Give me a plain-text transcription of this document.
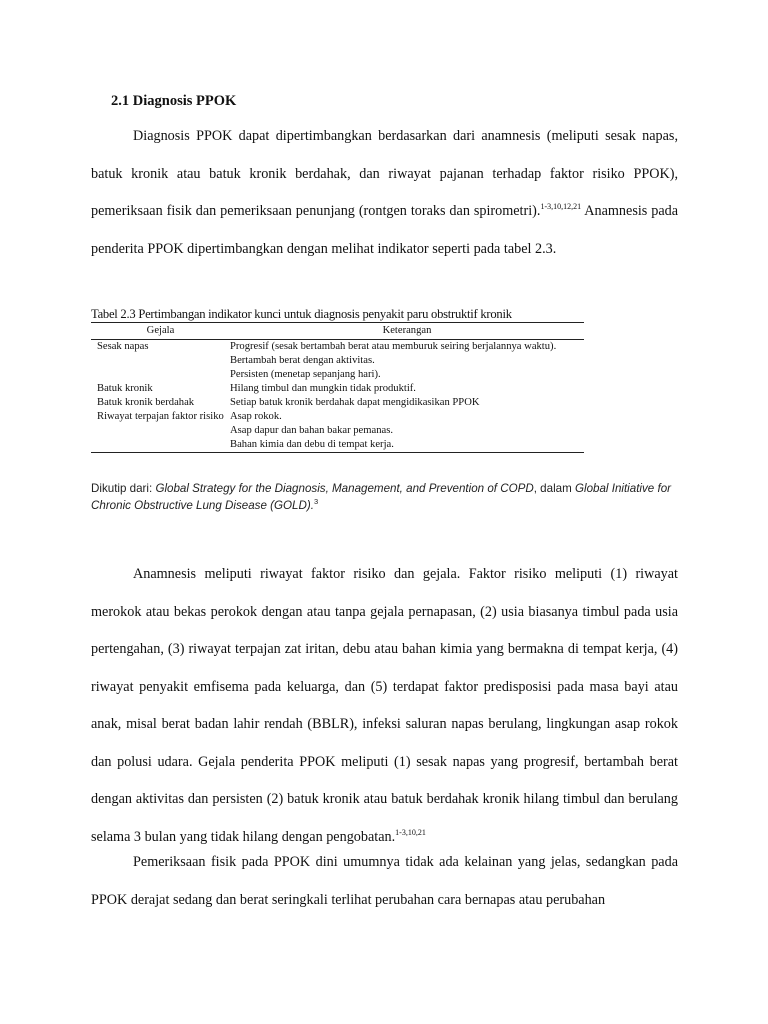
2.1 Diagnosis PPOK

Diagnosis PPOK dapat dipertimbangkan berdasarkan dari anamnesis (meliputi sesak napas, batuk kronik atau batuk kronik berdahak, dan riwayat pajanan terhadap faktor risiko PPOK), pemeriksaan fisik dan pemeriksaan penunjang (rontgen toraks dan spirometri).$^{1-3,10,12,21}$ Anamnesis pada penderita PPOK dipertimbangkan dengan melihat indikator seperti pada tabel 2.3.

Tabel 2.3 Pertimbangan indikator kunci untuk diagnosis penyakit paru obstruktif kronik

Gejala	Keterangan
Sesak napas	Progresif (sesak bertambah berat atau memburuk seiring berjalannya waktu).
	Bertambah berat dengan aktivitas.
	Persisten (menetap sepanjang hari).
Batuk kronik	Hilang timbul dan mungkin tidak produktif.
Batuk kronik berdahak	Setiap batuk kronik berdahak dapat mengidikasikan PPOK
Riwayat terpajan faktor risiko	Asap rokok.
	Asap dapur dan bahan bakar pemanas.
	Bahan kimia dan debu di tempat kerja.

Dikutip dari: Global Strategy for the Diagnosis, Management, and Prevention of COPD, dalam Global Initiative for Chronic Obstructive Lung Disease (GOLD).$^3$

Anamnesis meliputi riwayat faktor risiko dan gejala. Faktor risiko meliputi (1) riwayat merokok atau bekas perokok dengan atau tanpa gejala pernapasan, (2) usia biasanya timbul pada usia pertengahan, (3) riwayat terpajan zat iritan, debu atau bahan kimia yang bermakna di tempat kerja, (4) riwayat penyakit emfisema pada keluarga, dan (5) terdapat faktor predisposisi pada masa bayi atau anak, misal berat badan lahir rendah (BBLR), infeksi saluran napas berulang, lingkungan asap rokok dan polusi udara. Gejala penderita PPOK meliputi (1) sesak napas yang progresif, bertambah berat dengan aktivitas dan persisten (2) batuk kronik atau batuk berdahak kronik hilang timbul dan berulang selama 3 bulan yang tidak hilang dengan pengobatan.$^{1-3,10,21}$

Pemeriksaan fisik pada PPOK dini umumnya tidak ada kelainan yang jelas, sedangkan pada PPOK derajat sedang dan berat seringkali terlihat perubahan cara bernapas atau perubahan
